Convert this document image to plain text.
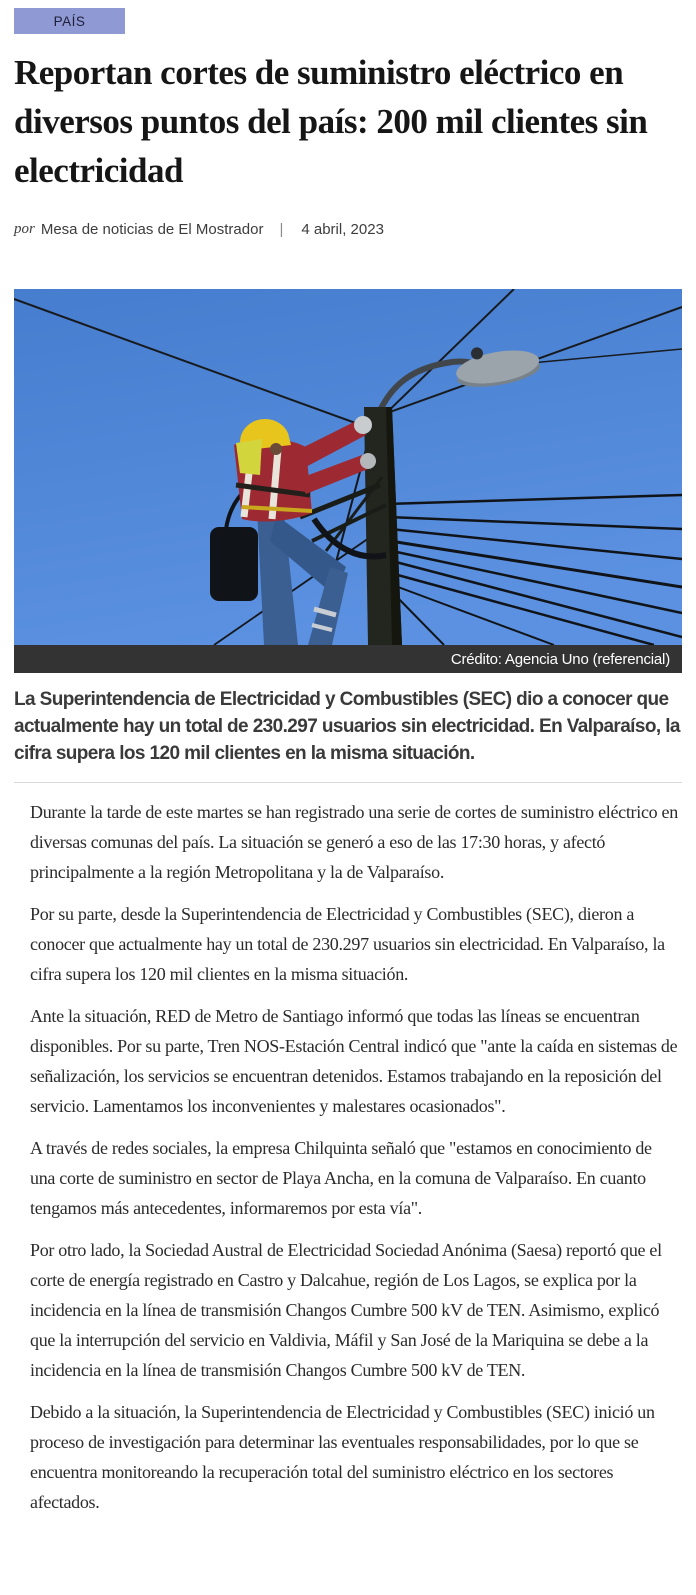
PAÍS
Reportan cortes de suministro eléctrico en diversos puntos del país: 200 mil clientes sin electricidad
por Mesa de noticias de El Mostrador | 4 abril, 2023
Crédito: Agencia Uno (referencial)

La Superintendencia de Electricidad y Combustibles (SEC) dio a conocer que actualmente hay un total de 230.297 usuarios sin electricidad. En Valparaíso, la cifra supera los 120 mil clientes en la misma situación.

Durante la tarde de este martes se han registrado una serie de cortes de suministro eléctrico en diversas comunas del país. La situación se generó a eso de las 17:30 horas, y afectó principalmente a la región Metropolitana y la de Valparaíso.

Por su parte, desde la Superintendencia de Electricidad y Combustibles (SEC), dieron a conocer que actualmente hay un total de 230.297 usuarios sin electricidad. En Valparaíso, la cifra supera los 120 mil clientes en la misma situación.

Ante la situación, RED de Metro de Santiago informó que todas las líneas se encuentran disponibles. Por su parte, Tren NOS-Estación Central indicó que "ante la caída en sistemas de señalización, los servicios se encuentran detenidos. Estamos trabajando en la reposición del servicio. Lamentamos los inconvenientes y malestares ocasionados".

A través de redes sociales, la empresa Chilquinta señaló que "estamos en conocimiento de una corte de suministro en sector de Playa Ancha, en la comuna de Valparaíso. En cuanto tengamos más antecedentes, informaremos por esta vía".

Por otro lado, la Sociedad Austral de Electricidad Sociedad Anónima (Saesa) reportó que el corte de energía registrado en Castro y Dalcahue, región de Los Lagos, se explica por la incidencia en la línea de transmisión Changos Cumbre 500 kV de TEN. Asimismo, explicó que la interrupción del servicio en Valdivia, Máfil y San José de la Mariquina se debe a la incidencia en la línea de transmisión Changos Cumbre 500 kV de TEN.

Debido a la situación, la Superintendencia de Electricidad y Combustibles (SEC) inició un proceso de investigación para determinar las eventuales responsabilidades, por lo que se encuentra monitoreando la recuperación total del suministro eléctrico en los sectores afectados.
